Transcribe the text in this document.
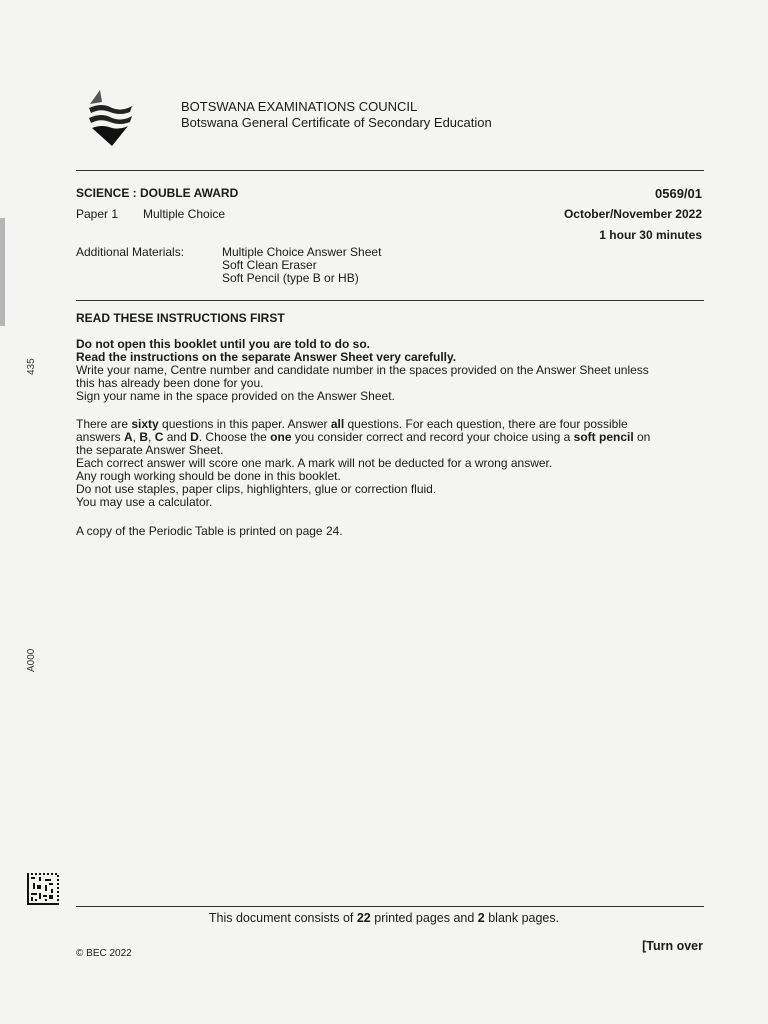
BOTSWANA EXAMINATIONS COUNCIL
Botswana General Certificate of Secondary Education
SCIENCE : DOUBLE AWARD	0569/01
Paper 1 Multiple Choice	October/November 2022
1 hour 30 minutes
Additional Materials:	Multiple Choice Answer Sheet
Soft Clean Eraser
Soft Pencil (type B or HB)
READ THESE INSTRUCTIONS FIRST

Do not open this booklet until you are told to do so.

Read the instructions on the separate Answer Sheet very carefully.

Write your name, Centre number and candidate number in the spaces provided on the Answer Sheet unless

this has already been done for you.

Sign your name in the space provided on the Answer Sheet.

There are sixty questions in this paper. Answer all questions. For each question, there are four possible

answers A, B, C and D. Choose the one you consider correct and record your choice using a soft pencil on

the separate Answer Sheet.

Each correct answer will score one mark. A mark will not be deducted for a wrong answer.

Any rough working should be done in this booklet.

Do not use staples, paper clips, highlighters, glue or correction fluid.

You may use a calculator.

A copy of the Periodic Table is printed on page 24.
435
A000
This document consists of 22 printed pages and 2 blank pages.
[Turn over
© BEC 2022
